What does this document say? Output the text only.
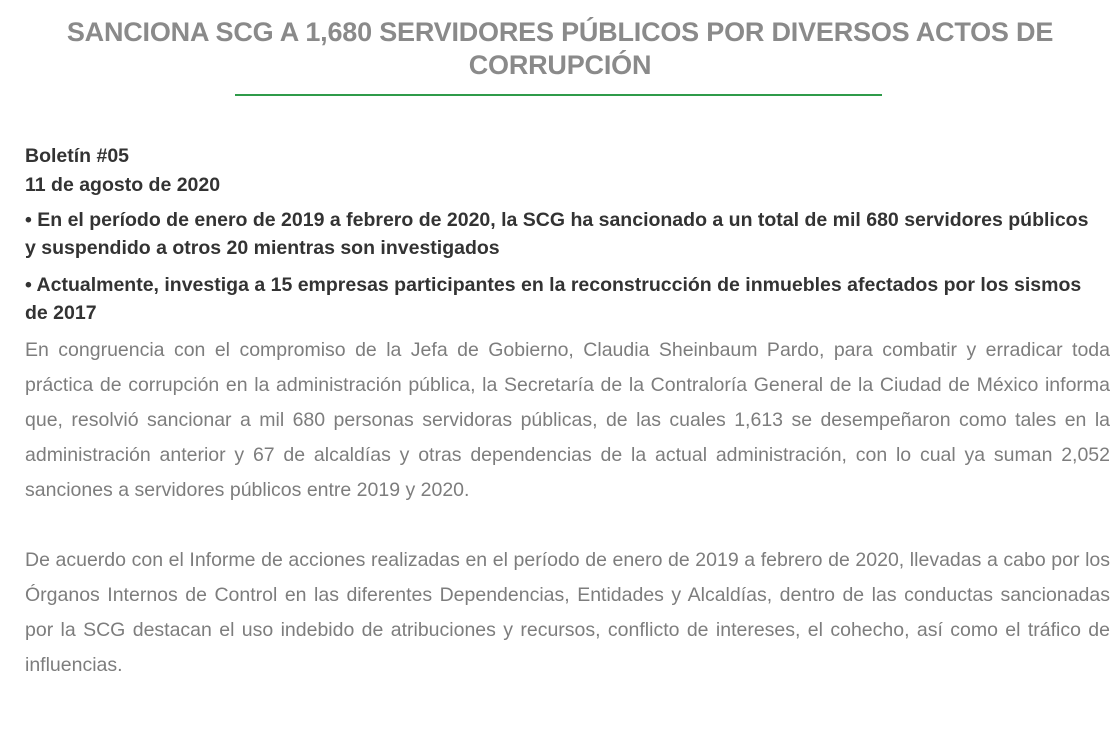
SANCIONA SCG A 1,680 SERVIDORES PÚBLICOS POR DIVERSOS ACTOS DE CORRUPCIÓN
Boletín #05
11 de agosto de 2020
• En el período de enero de 2019 a febrero de 2020, la SCG ha sancionado a un total de mil 680 servidores públicos y suspendido a otros 20 mientras son investigados
• Actualmente, investiga a 15 empresas participantes en la reconstrucción de inmuebles afectados por los sismos de 2017

En congruencia con el compromiso de la Jefa de Gobierno, Claudia Sheinbaum Pardo, para combatir y erradicar toda práctica de corrupción en la administración pública, la Secretaría de la Contraloría General de la Ciudad de México informa que, resolvió sancionar a mil 680 personas servidoras públicas, de las cuales 1,613 se desempeñaron como tales en la administración anterior y 67 de alcaldías y otras dependencias de la actual administración, con lo cual ya suman 2,052 sanciones a servidores públicos entre 2019 y 2020.

De acuerdo con el Informe de acciones realizadas en el período de enero de 2019 a febrero de 2020, llevadas a cabo por los Órganos Internos de Control en las diferentes Dependencias, Entidades y Alcaldías, dentro de las conductas sancionadas por la SCG destacan el uso indebido de atribuciones y recursos, conflicto de intereses, el cohecho, así como el tráfico de influencias.
